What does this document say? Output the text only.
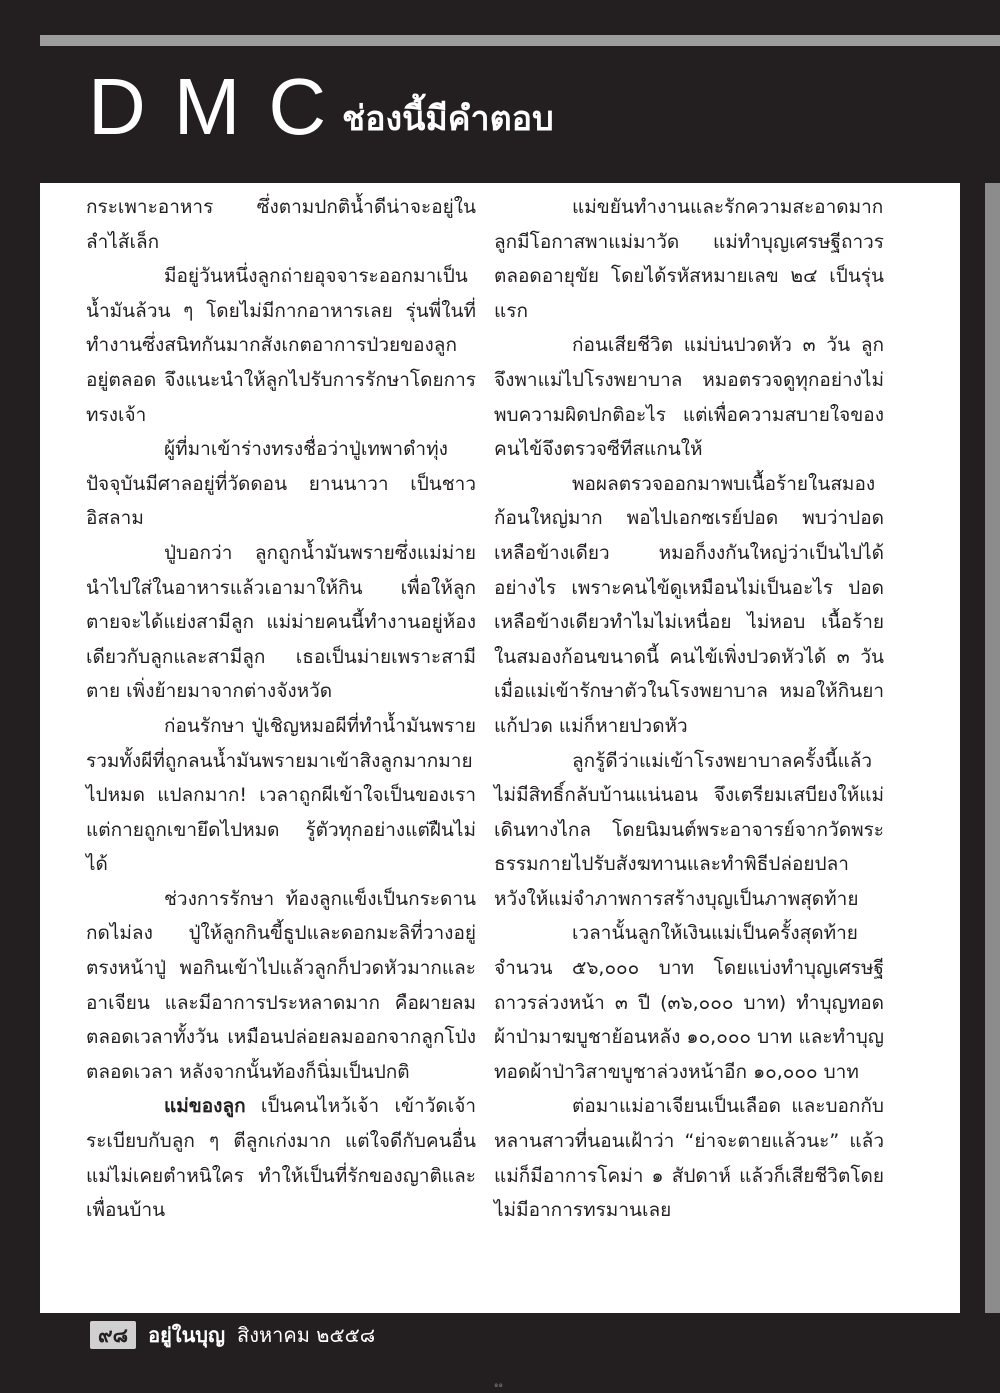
DMC
ช่องนี้มีคำตอบ

กระเพาะอาหาร ซึ่งตามปกติน้ำดีน่าจะอยู่ในลำไส้เล็ก

มีอยู่วันหนึ่งลูกถ่ายอุจจาระออกมาเป็นน้ำมันล้วน ๆ โดยไม่มีกากอาหารเลย รุ่นพี่ในที่ทำงานซึ่งสนิทกันมากสังเกตอาการป่วยของลูกอยู่ตลอด จึงแนะนำให้ลูกไปรับการรักษาโดยการทรงเจ้า

ผู้ที่มาเข้าร่างทรงชื่อว่าปู่เทพาดำทุ่ง ปัจจุบันมีศาลอยู่ที่วัดดอน ยานนาวา เป็นชาวอิสลาม

ปู่บอกว่า ลูกถูกน้ำมันพรายซึ่งแม่ม่ายนำไปใส่ในอาหารแล้วเอามาให้กิน เพื่อให้ลูกตายจะได้แย่งสามีลูก แม่ม่ายคนนี้ทำงานอยู่ห้องเดียวกับลูกและสามีลูก เธอเป็นม่ายเพราะสามีตาย เพิ่งย้ายมาจากต่างจังหวัด

ก่อนรักษา ปู่เชิญหมอผีที่ทำน้ำมันพรายรวมทั้งผีที่ถูกลนน้ำมันพรายมาเข้าสิงลูกมากมายไปหมด แปลกมาก! เวลาถูกผีเข้าใจเป็นของเรา แต่กายถูกเขายึดไปหมด รู้ตัวทุกอย่างแต่ฝืนไม่ได้

ช่วงการรักษา ท้องลูกแข็งเป็นกระดานกดไม่ลง ปู่ให้ลูกกินขี้ธูปและดอกมะลิที่วางอยู่ตรงหน้าปู่ พอกินเข้าไปแล้วลูกก็ปวดหัวมากและอาเจียน และมีอาการประหลาดมาก คือผายลมตลอดเวลาทั้งวัน เหมือนปล่อยลมออกจากลูกโป่งตลอดเวลา หลังจากนั้นท้องก็นิ่มเป็นปกติ

แม่ของลูก เป็นคนไหว้เจ้า เข้าวัดเจ้าระเบียบกับลูก ๆ ตีลูกเก่งมาก แต่ใจดีกับคนอื่น แม่ไม่เคยตำหนิใคร ทำให้เป็นที่รักของญาติและเพื่อนบ้าน

แม่ขยันทำงานและรักความสะอาดมาก ลูกมีโอกาสพาแม่มาวัด แม่ทำบุญเศรษฐีถาวรตลอดอายุขัย โดยได้รหัสหมายเลข ๒๔ เป็นรุ่นแรก

ก่อนเสียชีวิต แม่บ่นปวดหัว ๓ วัน ลูกจึงพาแม่ไปโรงพยาบาล หมอตรวจดูทุกอย่างไม่พบความผิดปกติอะไร แต่เพื่อความสบายใจของคนไข้จึงตรวจซีทีสแกนให้

พอผลตรวจออกมาพบเนื้อร้ายในสมองก้อนใหญ่มาก พอไปเอกซเรย์ปอด พบว่าปอดเหลือข้างเดียว หมอก็งงกันใหญ่ว่าเป็นไปได้อย่างไร เพราะคนไข้ดูเหมือนไม่เป็นอะไร ปอดเหลือข้างเดียวทำไมไม่เหนื่อย ไม่หอบ เนื้อร้ายในสมองก้อนขนาดนี้ คนไข้เพิ่งปวดหัวได้ ๓ วัน เมื่อแม่เข้ารักษาตัวในโรงพยาบาล หมอให้กินยาแก้ปวด แม่ก็หายปวดหัว

ลูกรู้ดีว่าแม่เข้าโรงพยาบาลครั้งนี้แล้วไม่มีสิทธิ์กลับบ้านแน่นอน จึงเตรียมเสบียงให้แม่เดินทางไกล โดยนิมนต์พระอาจารย์จากวัดพระธรรมกายไปรับสังฆทานและทำพิธีปล่อยปลา หวังให้แม่จำภาพการสร้างบุญเป็นภาพสุดท้าย

เวลานั้นลูกให้เงินแม่เป็นครั้งสุดท้ายจำนวน ๕๖,๐๐๐ บาท โดยแบ่งทำบุญเศรษฐีถาวรล่วงหน้า ๓ ปี (๓๖,๐๐๐ บาท) ทำบุญทอดผ้าป่ามาฆบูชาย้อนหลัง ๑๐,๐๐๐ บาท และทำบุญทอดผ้าป่าวิสาขบูชาล่วงหน้าอีก ๑๐,๐๐๐ บาท

ต่อมาแม่อาเจียนเป็นเลือด และบอกกับหลานสาวที่นอนเฝ้าว่า “ย่าจะตายแล้วนะ” แล้วแม่ก็มีอาการโคม่า ๑ สัปดาห์ แล้วก็เสียชีวิตโดยไม่มีอาการทรมานเลย

๙๘	อยู่ในบุญ สิงหาคม ๒๕๕๘
๑๑
